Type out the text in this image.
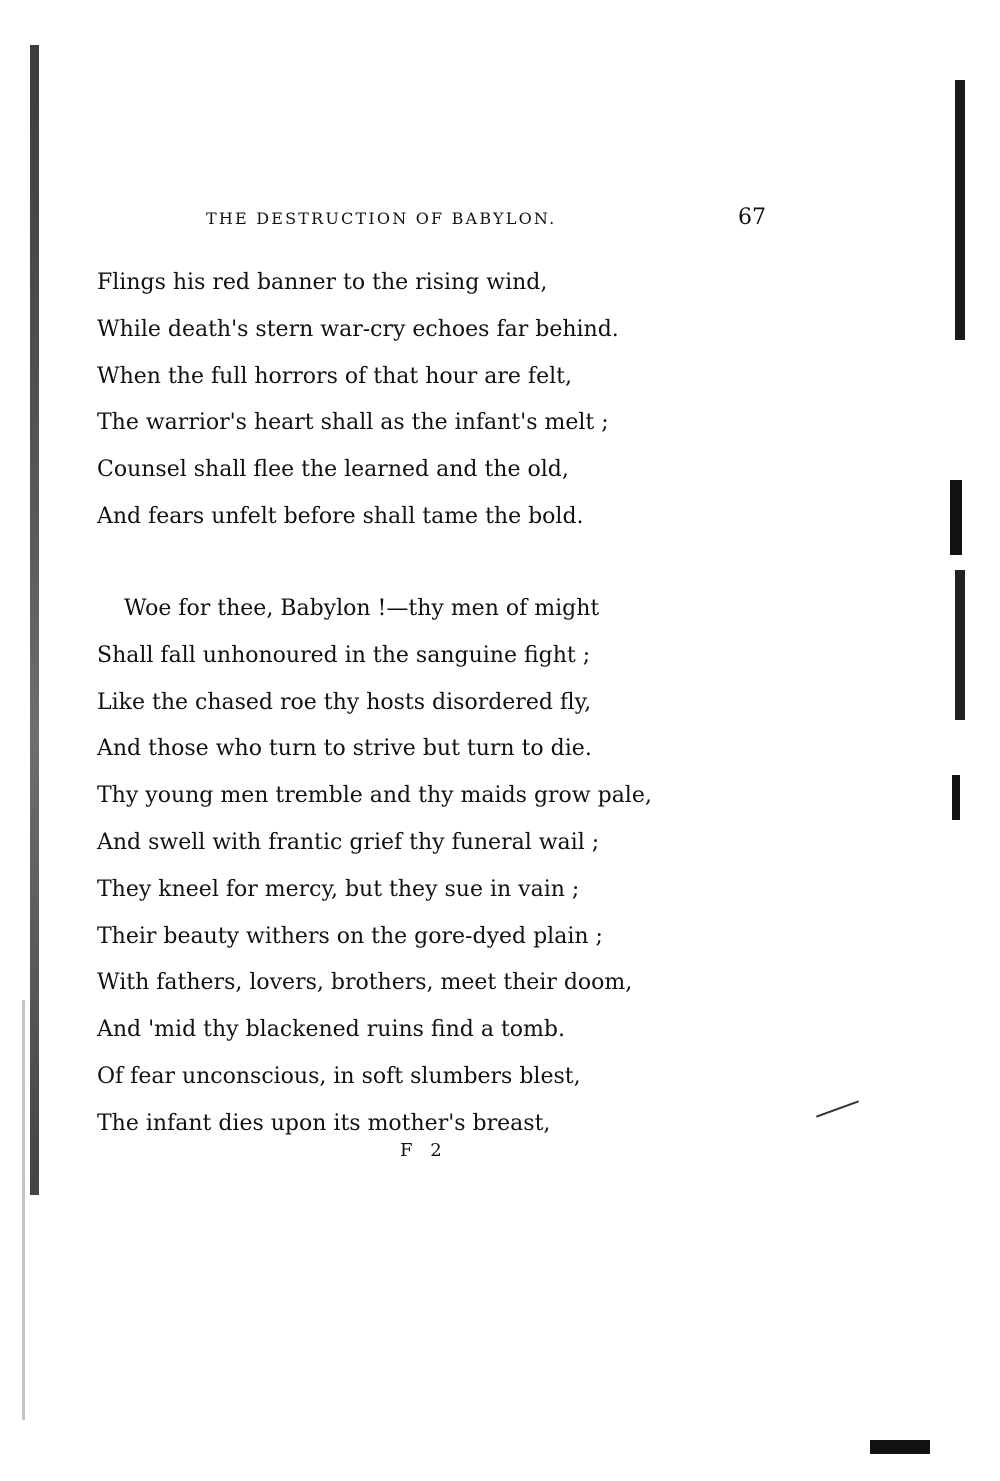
THE DESTRUCTION OF BABYLON.	67
Flings his red banner to the rising wind,
While death's stern war-cry echoes far behind.
When the full horrors of that hour are felt,
The warrior's heart shall as the infant's melt ;
Counsel shall flee the learned and the old,
And fears unfelt before shall tame the bold.
Woe for thee, Babylon !—thy men of might
Shall fall unhonoured in the sanguine fight ;
Like the chased roe thy hosts disordered fly,
And those who turn to strive but turn to die.
Thy young men tremble and thy maids grow pale,
And swell with frantic grief thy funeral wail ;
They kneel for mercy, but they sue in vain ;
Their beauty withers on the gore-dyed plain ;
With fathers, lovers, brothers, meet their doom,
And 'mid thy blackened ruins find a tomb.
Of fear unconscious, in soft slumbers blest,
The infant dies upon its mother's breast,
F 2
